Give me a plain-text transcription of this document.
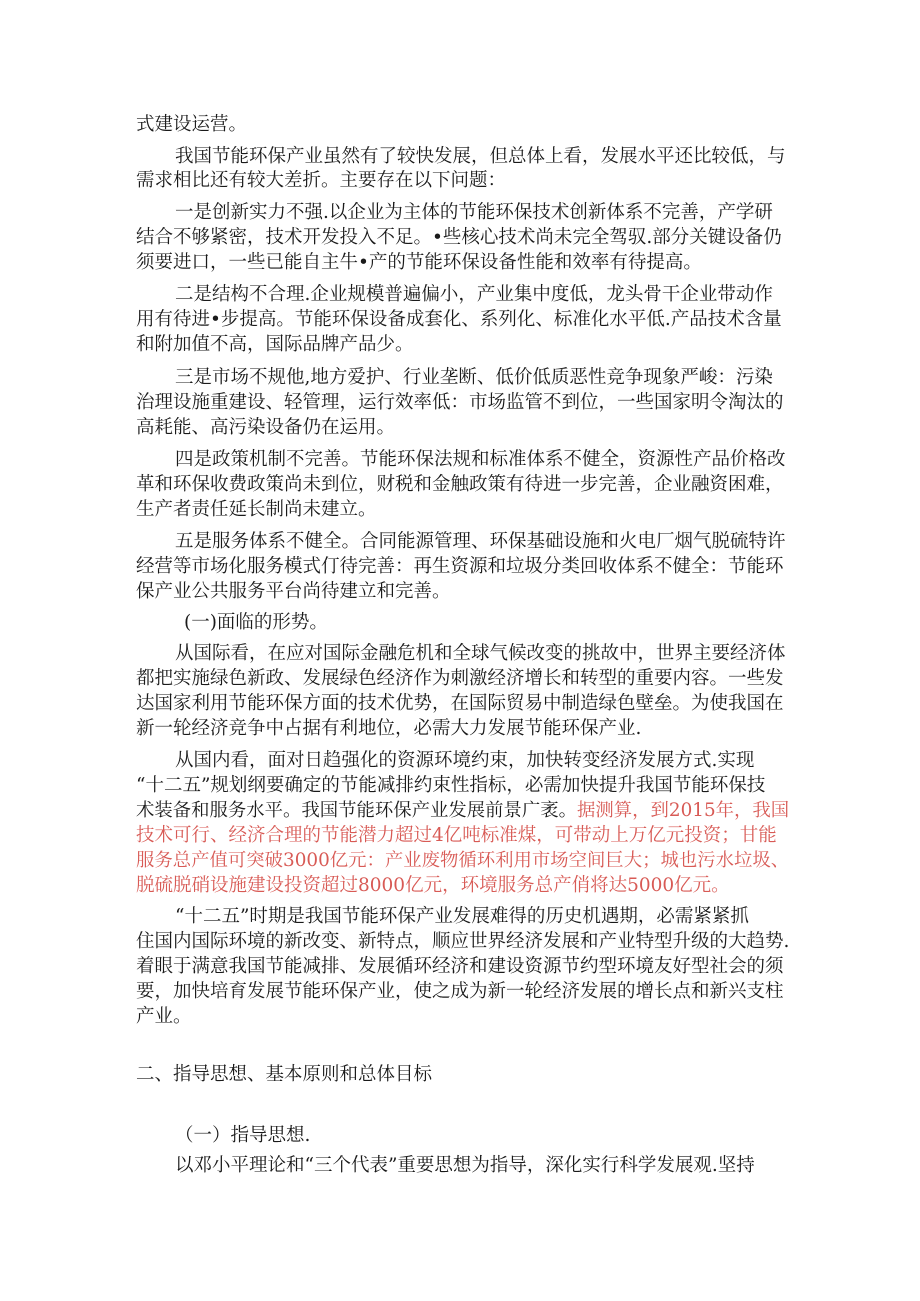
式建设运营。

我国节能环保产业虽然有了较快发展，但总体上看，发展水平还比较低，与

需求相比还有较大差折。主要存在以下问题：

一是创新实力不强.以企业为主体的节能环保技术创新体系不完善，产学研

结合不够紧密，技术开发投入不足。•些核心技术尚未完全驾驭.部分关键设备仍

须要进口，一些已能自主牛•产的节能环保设备性能和效率有待提高。

二是结构不合理.企业规模普遍偏小，产业集中度低，龙头骨干企业带动作

用有待进•步提高。节能环保设备成套化、系列化、标准化水平低.产品技术含量

和附加值不高，国际品牌产品少。

三是市场不规他,地方爱护、行业垄断、低价低质恶性竞争现象严峻：污染

治理设施重建设、轻管理，运行效率低：市场监管不到位，一些国家明令淘汰的

高耗能、高污染设备仍在运用。

四是政策机制不完善。节能环保法规和标准体系不健全，资源性产品价格改

革和环保收费政策尚未到位，财税和金触政策有待进一步完善，企业融资困难，

生产者责任延长制尚未建立。

五是服务体系不健全。合同能源管理、环保基础设施和火电厂烟气脱硫特许

经营等市场化服务模式仃待完善：再生资源和垃圾分类回收体系不健全：节能环

保产业公共服务平台尚待建立和完善。

(一)面临的形势。

从国际看，在应对国际金融危机和全球气候改变的挑故中，世界主要经济体

都把实施绿色新政、发展绿色经济作为刺激经济增长和转型的重要内容。一些发

达国家利用节能环保方面的技术优势，在国际贸易中制造绿色壁垒。为使我国在

新一轮经济竞争中占据有利地位，必需大力发展节能环保产业.

从国内看，面对日趋强化的资源环境约束，加快转变经济发展方式.实现

“十二五”规划纲要确定的节能减排约束性指标，必需加快提升我国节能环保技

术装备和服务水平。我国节能环保产业发展前景广袤。据测算，到2015年，我国

技术可行、经济合理的节能潜力超过4亿吨标准煤，可带动上万亿元投资；甘能

服务总产值可突破3000亿元：产业废物循环利用市场空间巨大；城也污水垃圾、

脱硫脱硝设施建设投资超过8000亿元，环境服务总产俏将达5000亿元。

“十二五”时期是我国节能环保产业发展难得的历史机遇期，必需紧紧抓

住国内国际环境的新改变、新特点，顺应世界经济发展和产业特型升级的大趋势.

着眼于满意我国节能减排、发展循环经济和建设资源节约型环境友好型社会的须

要，加快培育发展节能环保产业，使之成为新一轮经济发展的增长点和新兴支柱

产业。

二、指导思想、基本原则和总体目标

（一）指导思想.

以邓小平理论和“三个代表”重要思想为指导，深化实行科学发展观.坚持
